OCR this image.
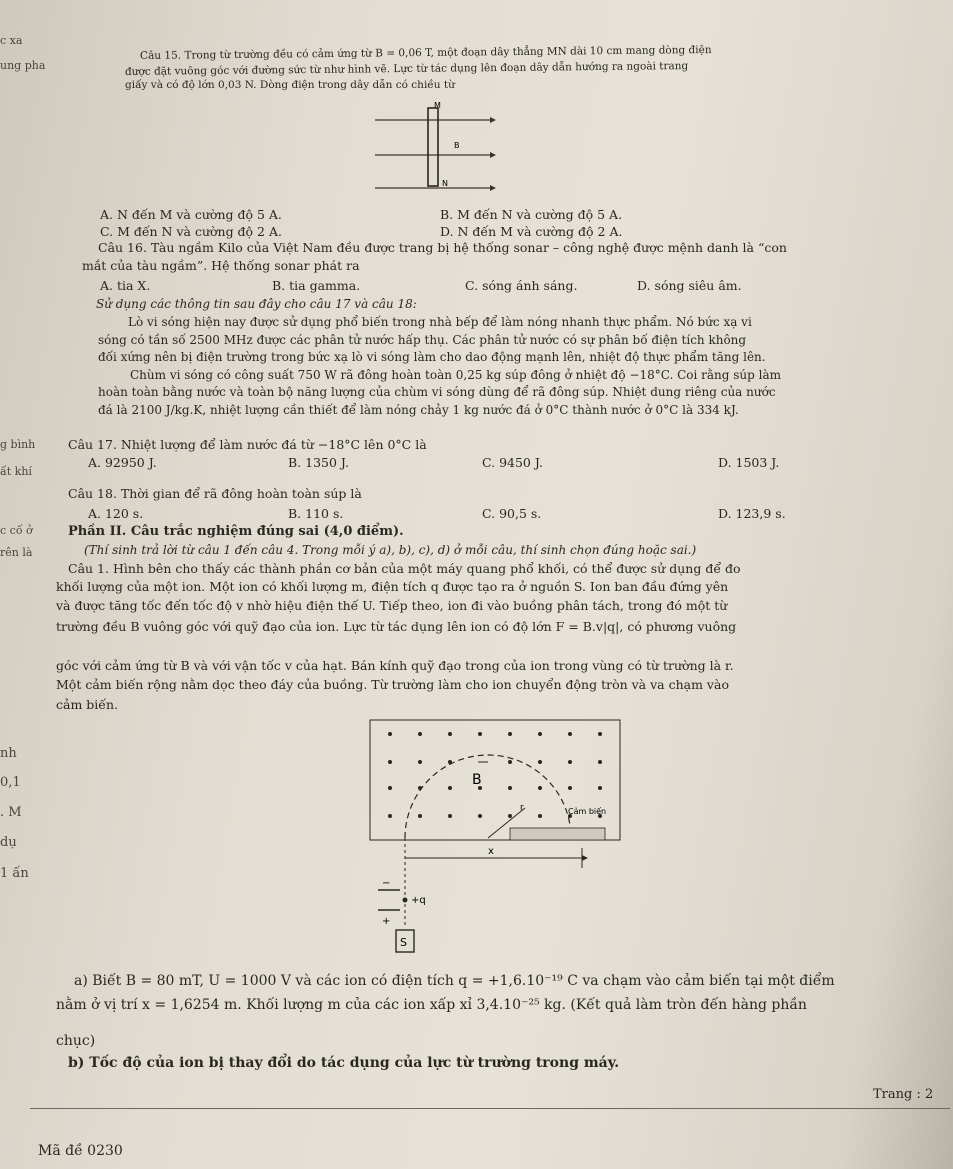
c xa
ung pha
g bình
ất khí
c cố ở
rên là
nh
0,1
. M
dụ
1 ấn
Câu 15. Trong từ trường đều có cảm ứng từ B = 0,06 T, một đoạn dây thẳng MN dài 10 cm mang dòng điện
được đặt vuông góc với đường sức từ như hình vẽ. Lực từ tác dụng lên đoạn dây dẫn hướng ra ngoài trang
giấy và có độ lớn 0,03 N. Dòng điện trong dây dẫn có chiều từ
M
B
N
A. N đến M và cường độ 5 A.	B. M đến N và cường độ 5 A.
C. M đến N và cường độ 2 A.	D. N đến M và cường độ 2 A.
Câu 16. Tàu ngầm Kilo của Việt Nam đều được trang bị hệ thống sonar – công nghệ được mệnh danh là “con
mắt của tàu ngầm”. Hệ thống sonar phát ra
A. tia X.	B. tia gamma.	C. sóng ánh sáng.	D. sóng siêu âm.
Sử dụng các thông tin sau đây cho câu 17 và câu 18:
Lò vi sóng hiện nay được sử dụng phổ biến trong nhà bếp để làm nóng nhanh thực phẩm. Nó bức xạ vi
sóng có tần số 2500 MHz được các phân tử nước hấp thụ. Các phân tử nước có sự phân bố điện tích không
đối xứng nên bị điện trường trong bức xạ lò vi sóng làm cho dao động mạnh lên, nhiệt độ thực phẩm tăng lên.
Chùm vi sóng có công suất 750 W rã đông hoàn toàn 0,25 kg súp đông ở nhiệt độ −18°C. Coi rằng súp làm
hoàn toàn bằng nước và toàn bộ năng lượng của chùm vi sóng dùng để rã đông súp. Nhiệt dung riêng của nước
đá là 2100 J/kg.K, nhiệt lượng cần thiết để làm nóng chảy 1 kg nước đá ở 0°C thành nước ở 0°C là 334 kJ.
Câu 17. Nhiệt lượng để làm nước đá từ −18°C lên 0°C là
A. 92950 J.	B. 1350 J.	C. 9450 J.	D. 1503 J.
Câu 18. Thời gian để rã đông hoàn toàn súp là
A. 120 s.	B. 110 s.	C. 90,5 s.	D. 123,9 s.
Phần II. Câu trắc nghiệm đúng sai (4,0 điểm).
(Thí sinh trả lời từ câu 1 đến câu 4. Trong mỗi ý a), b), c), d) ở mỗi câu, thí sinh chọn đúng hoặc sai.)
Câu 1. Hình bên cho thấy các thành phần cơ bản của một máy quang phổ khối, có thể được sử dụng để đo
khối lượng của một ion. Một ion có khối lượng m, điện tích q được tạo ra ở nguồn S. Ion ban đầu đứng yên
và được tăng tốc đến tốc độ v nhờ hiệu điện thế U. Tiếp theo, ion đi vào buồng phân tách, trong đó một từ
trường đều B vuông góc với quỹ đạo của ion. Lực từ tác dụng lên ion có độ lớn F = B.v|q|, có phương vuông
góc với cảm ứng từ B và với vận tốc v của hạt. Bán kính quỹ đạo trong của ion trong vùng có từ trường là r.
Một cảm biến rộng nằm dọc theo đáy của buồng. Từ trường làm cho ion chuyển động tròn và va chạm vào
cảm biến.
B
r	Cảm biến
x
−
+
+q
S
a) Biết B = 80 mT, U = 1000 V và các ion có điện tích q = +1,6.10⁻¹⁹ C va chạm vào cảm biến tại một điểm
nằm ở vị trí x = 1,6254 m. Khối lượng m của các ion xấp xỉ 3,4.10⁻²⁵ kg. (Kết quả làm tròn đến hàng phần
chục)
b) Tốc độ của ion bị thay đổi do tác dụng của lực từ trường trong máy.
Trang : 2
Mã đề 0230
